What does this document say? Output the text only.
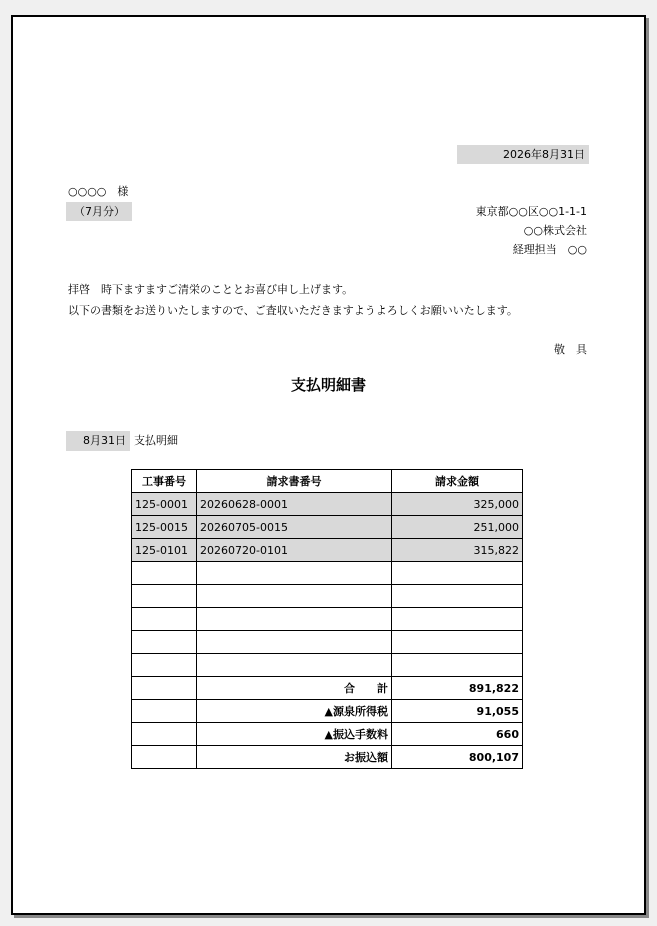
2026年8月31日
○○○○　様
（7月分）	東京都○○区○○1-1-1
○○株式会社
経理担当　○○
拝啓　時下ますますご清栄のこととお喜び申し上げます。
以下の書類をお送りいたしますので、ご査収いただきますようよろしくお願いいたします。
敬　具
支払明細書
8月31日 支払明細
工事番号	請求書番号	請求金額
125-0001	20260628-0001	325,000
125-0015	20260705-0015	251,000
125-0101	20260720-0101	315,822

	合　　計	891,822
	▲源泉所得税	91,055
	▲振込手数料	660
	お振込額	800,107
